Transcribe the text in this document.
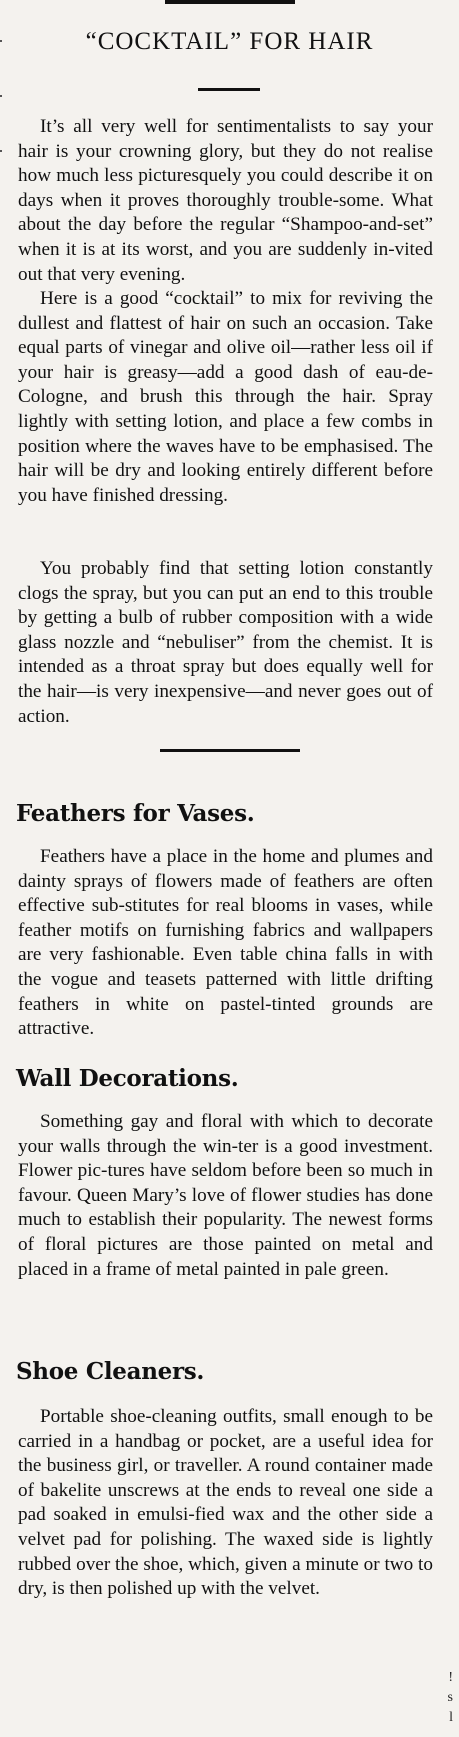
“COCKTAIL” FOR HAIR

It’s all very well for sentimentalists to say your hair is your crowning glory, but they do not realise how much less picturesquely you could describe it on days when it proves thoroughly trouble-some. What about the day before the regular “Shampoo-and-set” when it is at its worst, and you are suddenly in-vited out that very evening.

Here is a good “cocktail” to mix for reviving the dullest and flattest of hair on such an occasion. Take equal parts of vinegar and olive oil—rather less oil if your hair is greasy—add a good dash of eau-de-Cologne, and brush this through the hair. Spray lightly with setting lotion, and place a few combs in position where the waves have to be emphasised. The hair will be dry and looking entirely different before you have finished dressing.

You probably find that setting lotion constantly clogs the spray, but you can put an end to this trouble by getting a bulb of rubber composition with a wide glass nozzle and “nebuliser” from the chemist. It is intended as a throat spray but does equally well for the hair—is very inexpensive—and never goes out of action.

Feathers for Vases.

Feathers have a place in the home and plumes and dainty sprays of flowers made of feathers are often effective sub-stitutes for real blooms in vases, while feather motifs on furnishing fabrics and wallpapers are very fashionable. Even table china falls in with the vogue and teasets patterned with little drifting feathers in white on pastel-tinted grounds are attractive.

Wall Decorations.

Something gay and floral with which to decorate your walls through the win-ter is a good investment. Flower pic-tures have seldom before been so much in favour. Queen Mary’s love of flower studies has done much to establish their popularity. The newest forms of floral pictures are those painted on metal and placed in a frame of metal painted in pale green.

Shoe Cleaners.

Portable shoe-cleaning outfits, small enough to be carried in a handbag or pocket, are a useful idea for the business girl, or traveller. A round container made of bakelite unscrews at the ends to reveal one side a pad soaked in emulsi-fied wax and the other side a velvet pad for polishing. The waxed side is lightly rubbed over the shoe, which, given a minute or two to dry, is then polished up with the velvet.

!
s
l
